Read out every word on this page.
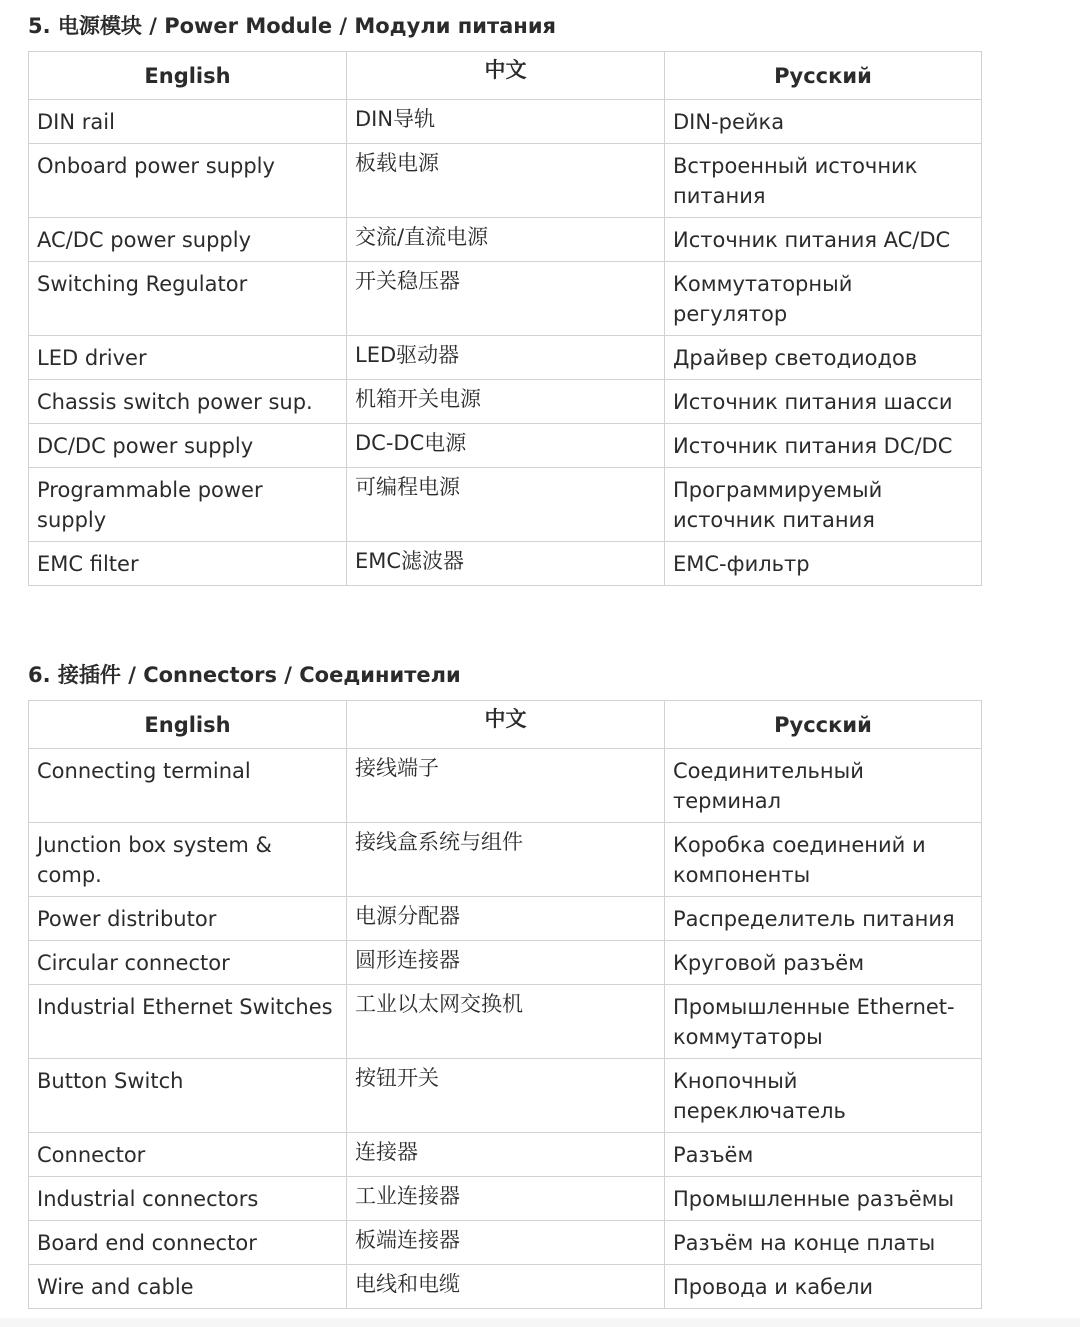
5. 电源模块 / Power Module / Модули питания
English	中文	Русский
DIN rail	DIN导轨	DIN-рейка
Onboard power supply	板载电源	Встроенный источник питания
AC/DC power supply	交流/直流电源	Источник питания AC/DC
Switching Regulator	开关稳压器	Коммутаторный регулятор
LED driver	LED驱动器	Драйвер светодиодов
Chassis switch power sup.	机箱开关电源	Источник питания шасси
DC/DC power supply	DC-DC电源	Источник питания DC/DC
Programmable power supply	可编程电源	Программируемый источник питания
EMC filter	EMC滤波器	EMC-фильтр
6. 接插件 / Connectors / Соединители
English	中文	Русский
Connecting terminal	接线端子	Соединительный терминал
Junction box system & comp.	接线盒系统与组件	Коробка соединений и компоненты
Power distributor	电源分配器	Распределитель питания
Circular connector	圆形连接器	Круговой разъём
Industrial Ethernet Switches	工业以太网交换机	Промышленные Ethernet-коммутаторы
Button Switch	按钮开关	Кнопочный переключатель
Connector	连接器	Разъём
Industrial connectors	工业连接器	Промышленные разъёмы
Board end connector	板端连接器	Разъём на конце платы
Wire and cable	电线和电缆	Провода и кабели
